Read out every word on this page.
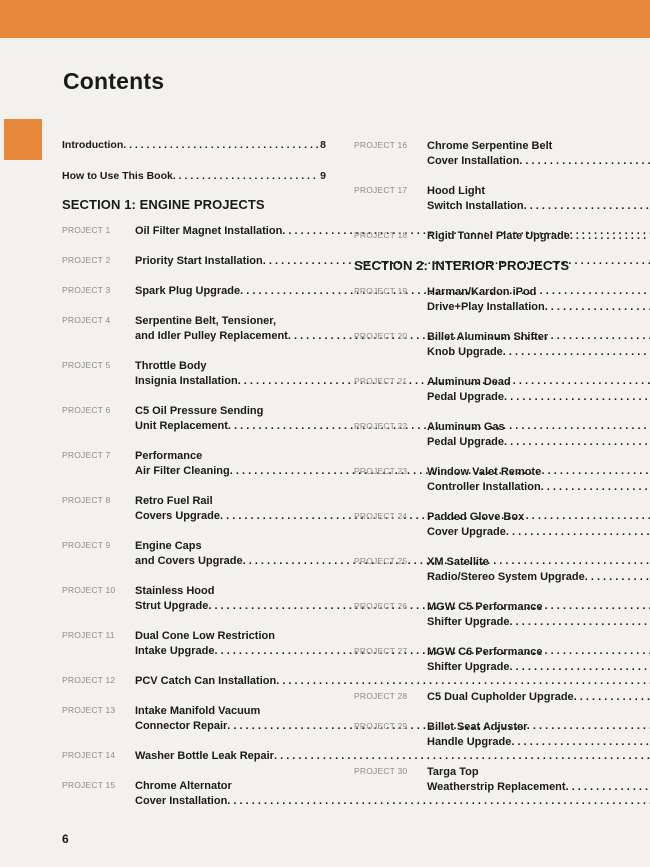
Contents
Introduction . . .	8
How to Use This Book . . .	9
SECTION 1: ENGINE PROJECTS
PROJECT 1	Oil Filter Magnet Installation
. . .
PROJECT 2	Priority Start Installation
. . .
PROJECT 3	Spark Plug Upgrade
. . .
PROJECT 4	Serpentine Belt, Tensioner,
and Idler Pulley Replacement
. . .
PROJECT 5	Throttle Body
Insignia Installation
. . .
PROJECT 6	C5 Oil Pressure Sending
Unit Replacement
. . .
PROJECT 7	Performance
Air Filter Cleaning
. . .
PROJECT 8	Retro Fuel Rail
Covers Upgrade
. . .
PROJECT 9	Engine Caps
and Covers Upgrade
. . .
PROJECT 10	Stainless Hood
Strut Upgrade
. . .
PROJECT 11	Dual Cone Low Restriction
Intake Upgrade
. . .
PROJECT 12	PCV Catch Can Installation
. . .
PROJECT 13	Intake Manifold Vacuum
Connector Repair
. . .
PROJECT 14	Washer Bottle Leak Repair
. . .
PROJECT 15	Chrome Alternator
Cover Installation
. . .
PROJECT 16	Chrome Serpentine Belt
Cover Installation
. . .
PROJECT 17	Hood Light
Switch Installation
. . .
PROJECT 18	Rigid Tunnel Plate Upgrade
. . .
SECTION 2: INTERIOR PROJECTS
PROJECT 19	Harman/Kardon iPod
Drive+Play Installation
. . .
PROJECT 20	Billet Aluminum Shifter
Knob Upgrade
. . .
PROJECT 21	Aluminum Dead
Pedal Upgrade
. . .
PROJECT 22	Aluminum Gas
Pedal Upgrade
. . .
PROJECT 23	Window Valet Remote
Controller Installation
. . .
PROJECT 24	Padded Glove Box
Cover Upgrade
. . .
PROJECT 25	XM Satellite
Radio/Stereo System Upgrade
. . .
PROJECT 26	MGW C5 Performance
Shifter Upgrade
. . .
PROJECT 27	MGW C6 Performance
Shifter Upgrade
. . .
PROJECT 28	C5 Dual Cupholder Upgrade
. . .
PROJECT 29	Billet Seat Adjuster
Handle Upgrade
. . .
PROJECT 30	Targa Top
Weatherstrip Replacement
. . .
6
